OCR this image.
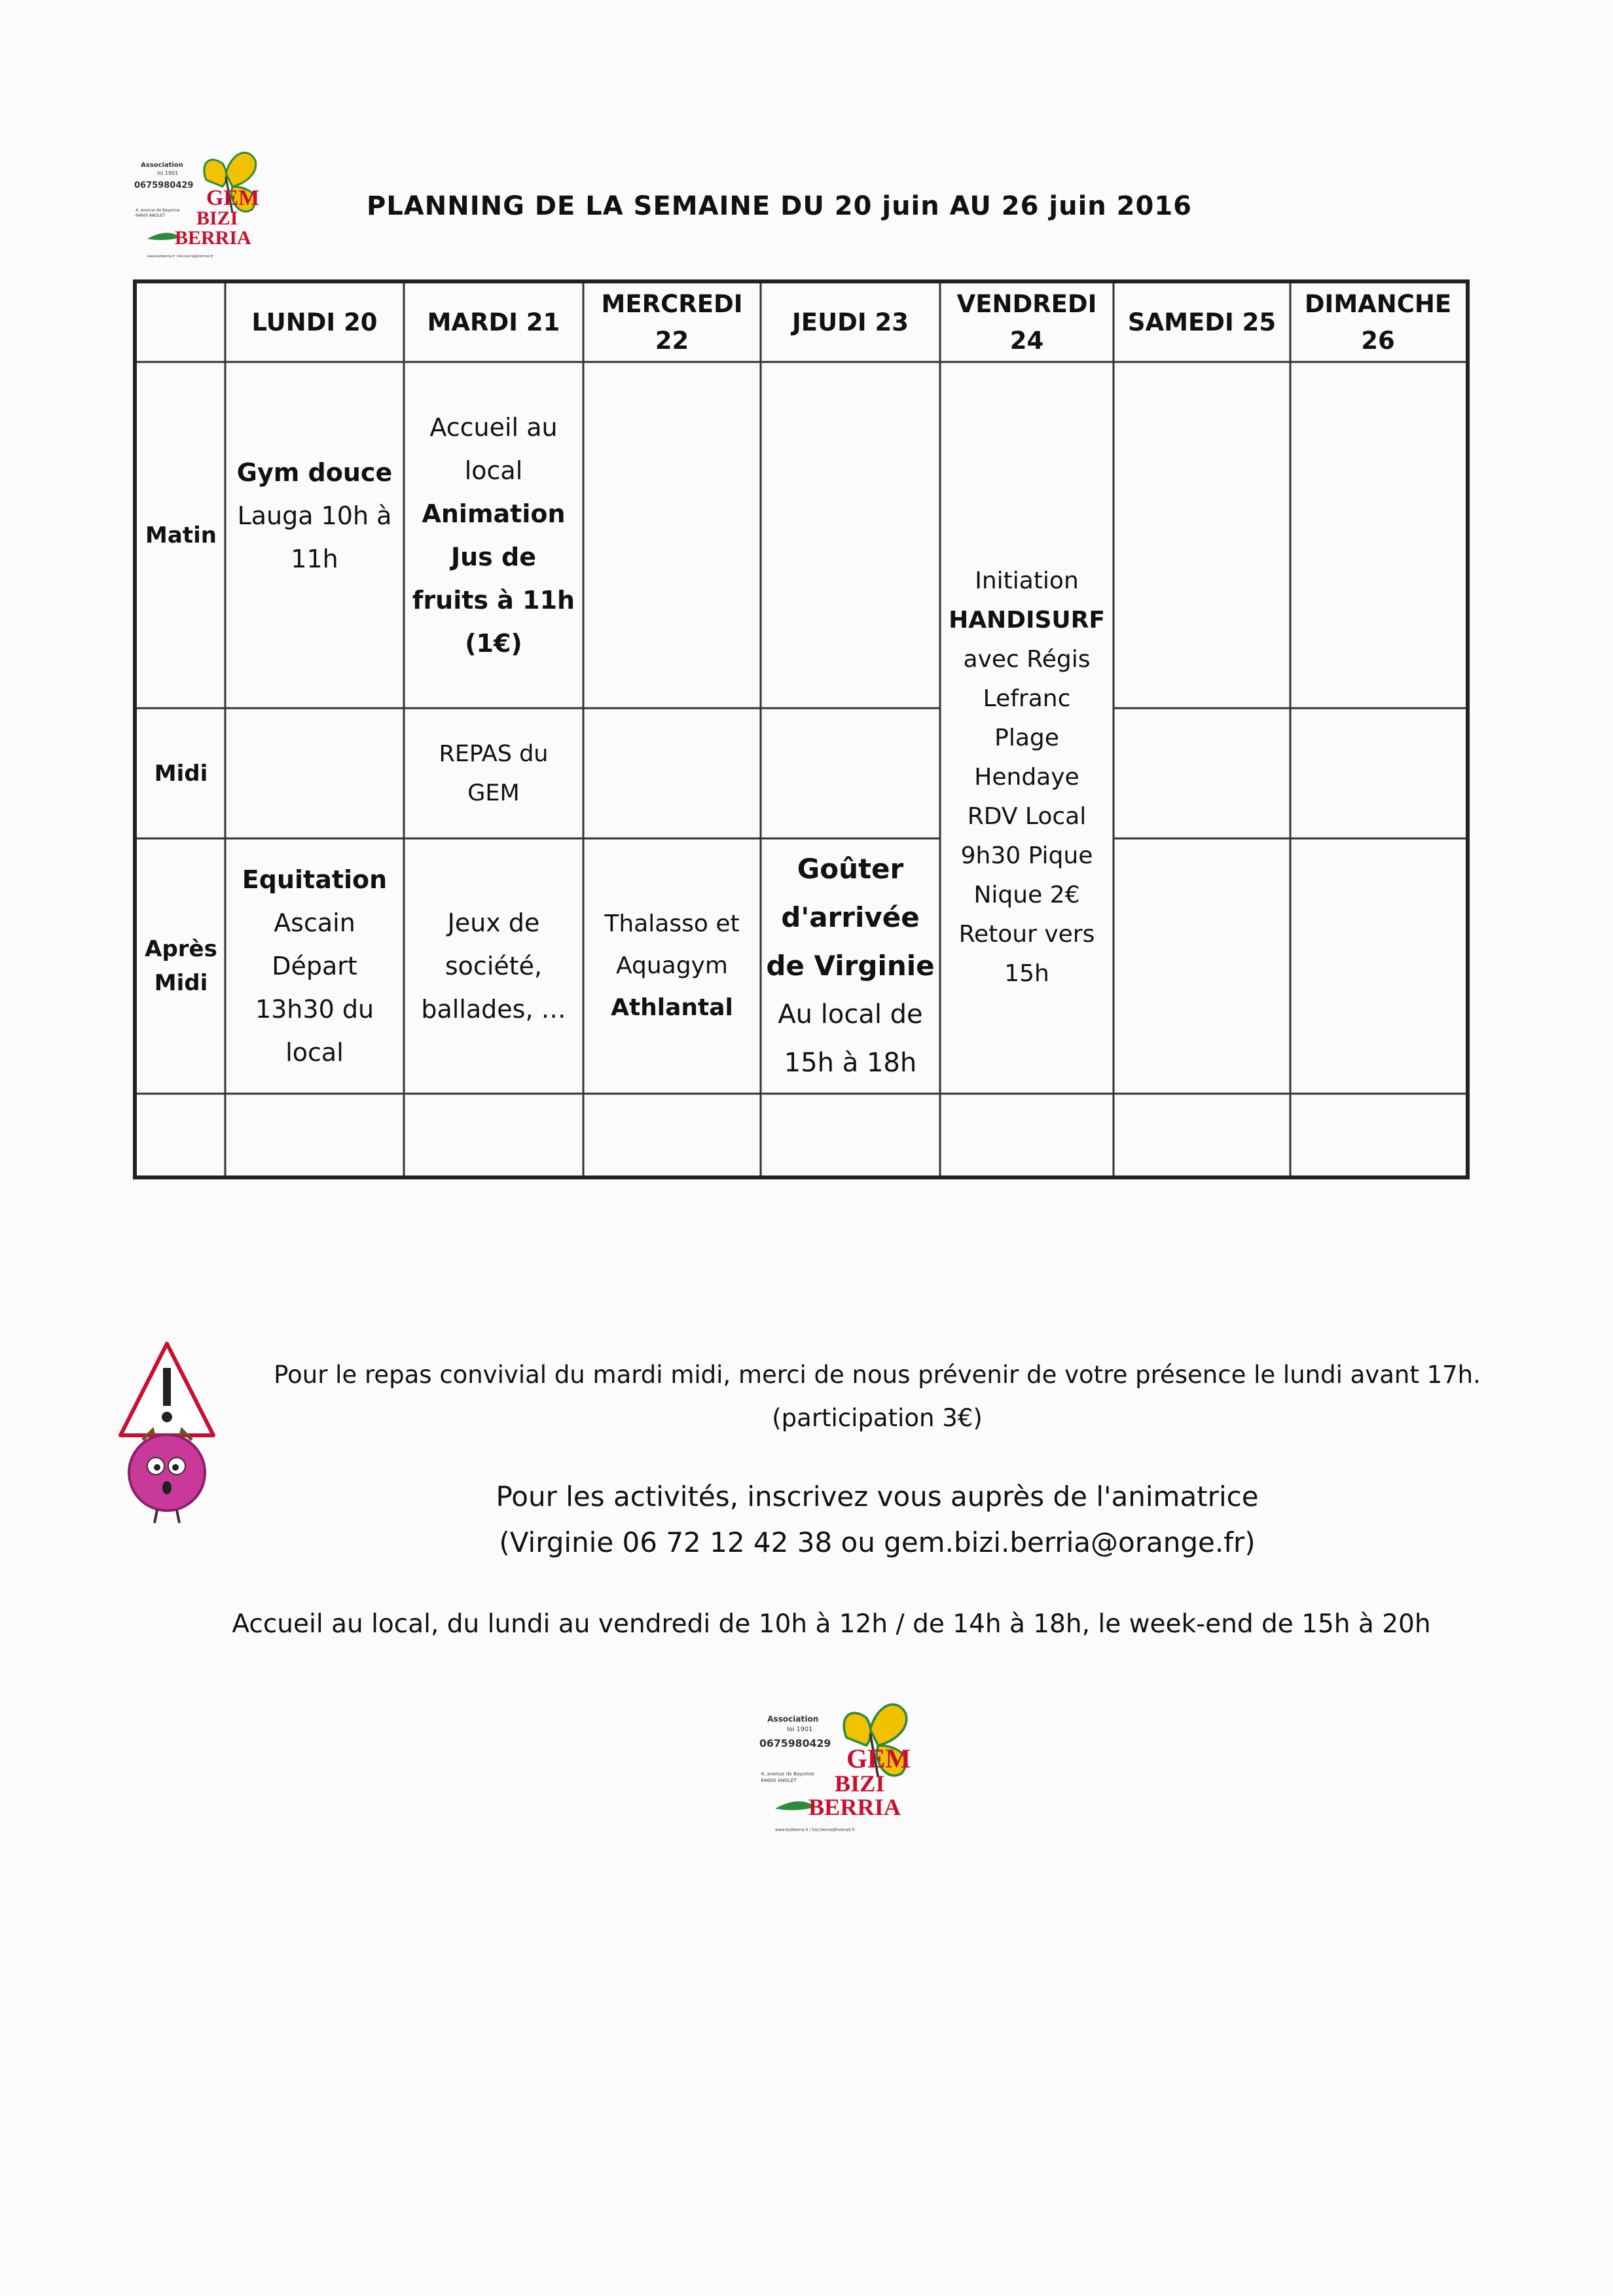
Association
loi 1901
0675980429
4, avenue de Bayonne
64600 ANGLET
GEM
BIZI
BERRIA
www.biziberria.fr / bizi.berria@hotmail.fr
PLANNING DE LA SEMAINE DU 20 juin AU 26 juin 2016
LUNDI 20 MARDI 21
MERCREDI
22
JEUDI 23
VENDREDI
24
SAMEDI 25
DIMANCHE
26
Matin
Midi
Après
Midi
Gym douce
Lauga 10h à
11h
Accueil au
local
Animation
Jus de
fruits à 11h
(1€)
Initiation
HANDISURF
avec Régis
Lefranc
Plage Hendaye
RDV Local
9h30 Pique
Nique 2€
Retour vers
15h
REPAS du
GEM
Equitation
Ascain
Départ
13h30 du
local
Jeux de
société,
ballades, …
Thalasso et
Aquagym
Athlantal
Goûter
d'arrivée
de Virginie
Au local de
15h à 18h
Pour le repas convivial du mardi midi, merci de nous prévenir de votre présence le lundi avant 17h.
(participation 3€)
Pour les activités, inscrivez vous auprès de l'animatrice
(Virginie 06 72 12 42 38 ou gem.bizi.berria@orange.fr)
Accueil au local, du lundi au vendredi de 10h à 12h / de 14h à 18h, le week-end de 15h à 20h
Association
loi 1901
0675980429
4, avenue de Bayonne
64600 ANGLET
GEM
BIZI
BERRIA
www.biziberria.fr / bizi.berria@hotmail.fr
